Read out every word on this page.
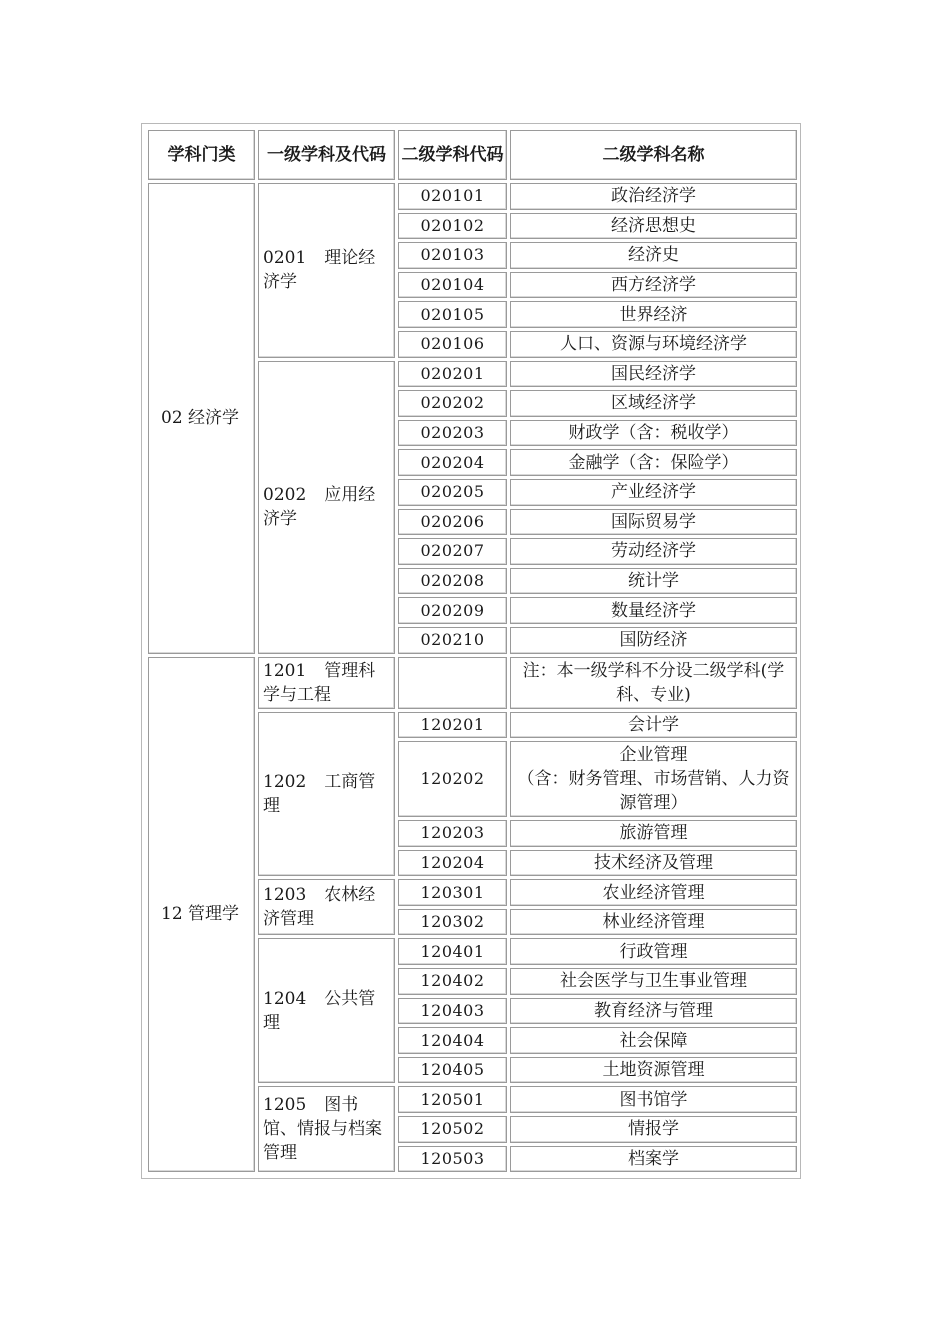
学科门类	一级学科及代码	二级学科代码	二级学科名称
02 经济学	0201 理论经济学	020101	政治经济学
		020102	经济思想史
		020103	经济史
		020104	西方经济学
		020105	世界经济
		020106	人口、资源与环境经济学
	0202 应用经济学	020201	国民经济学
		020202	区域经济学
		020203	财政学（含：税收学）
		020204	金融学（含：保险学）
		020205	产业经济学
		020206	国际贸易学
		020207	劳动经济学
		020208	统计学
		020209	数量经济学
		020210	国防经济
12 管理学	1201 管理科学与工程		注：本一级学科不分设二级学科(学科、专业)
	1202 工商管理	120201	会计学
		120202	企业管理
（含：财务管理、市场营销、人力资源管理）

		120203	旅游管理
		120204	技术经济及管理
	1203 农林经济管理	120301	农业经济管理
		120302	林业经济管理
	1204 公共管理	120401	行政管理
		120402	社会医学与卫生事业管理
		120403	教育经济与管理
		120404	社会保障
		120405	土地资源管理
	1205 图书馆、情报与档案管理	120501	图书馆学
		120502	情报学
		120503	档案学
